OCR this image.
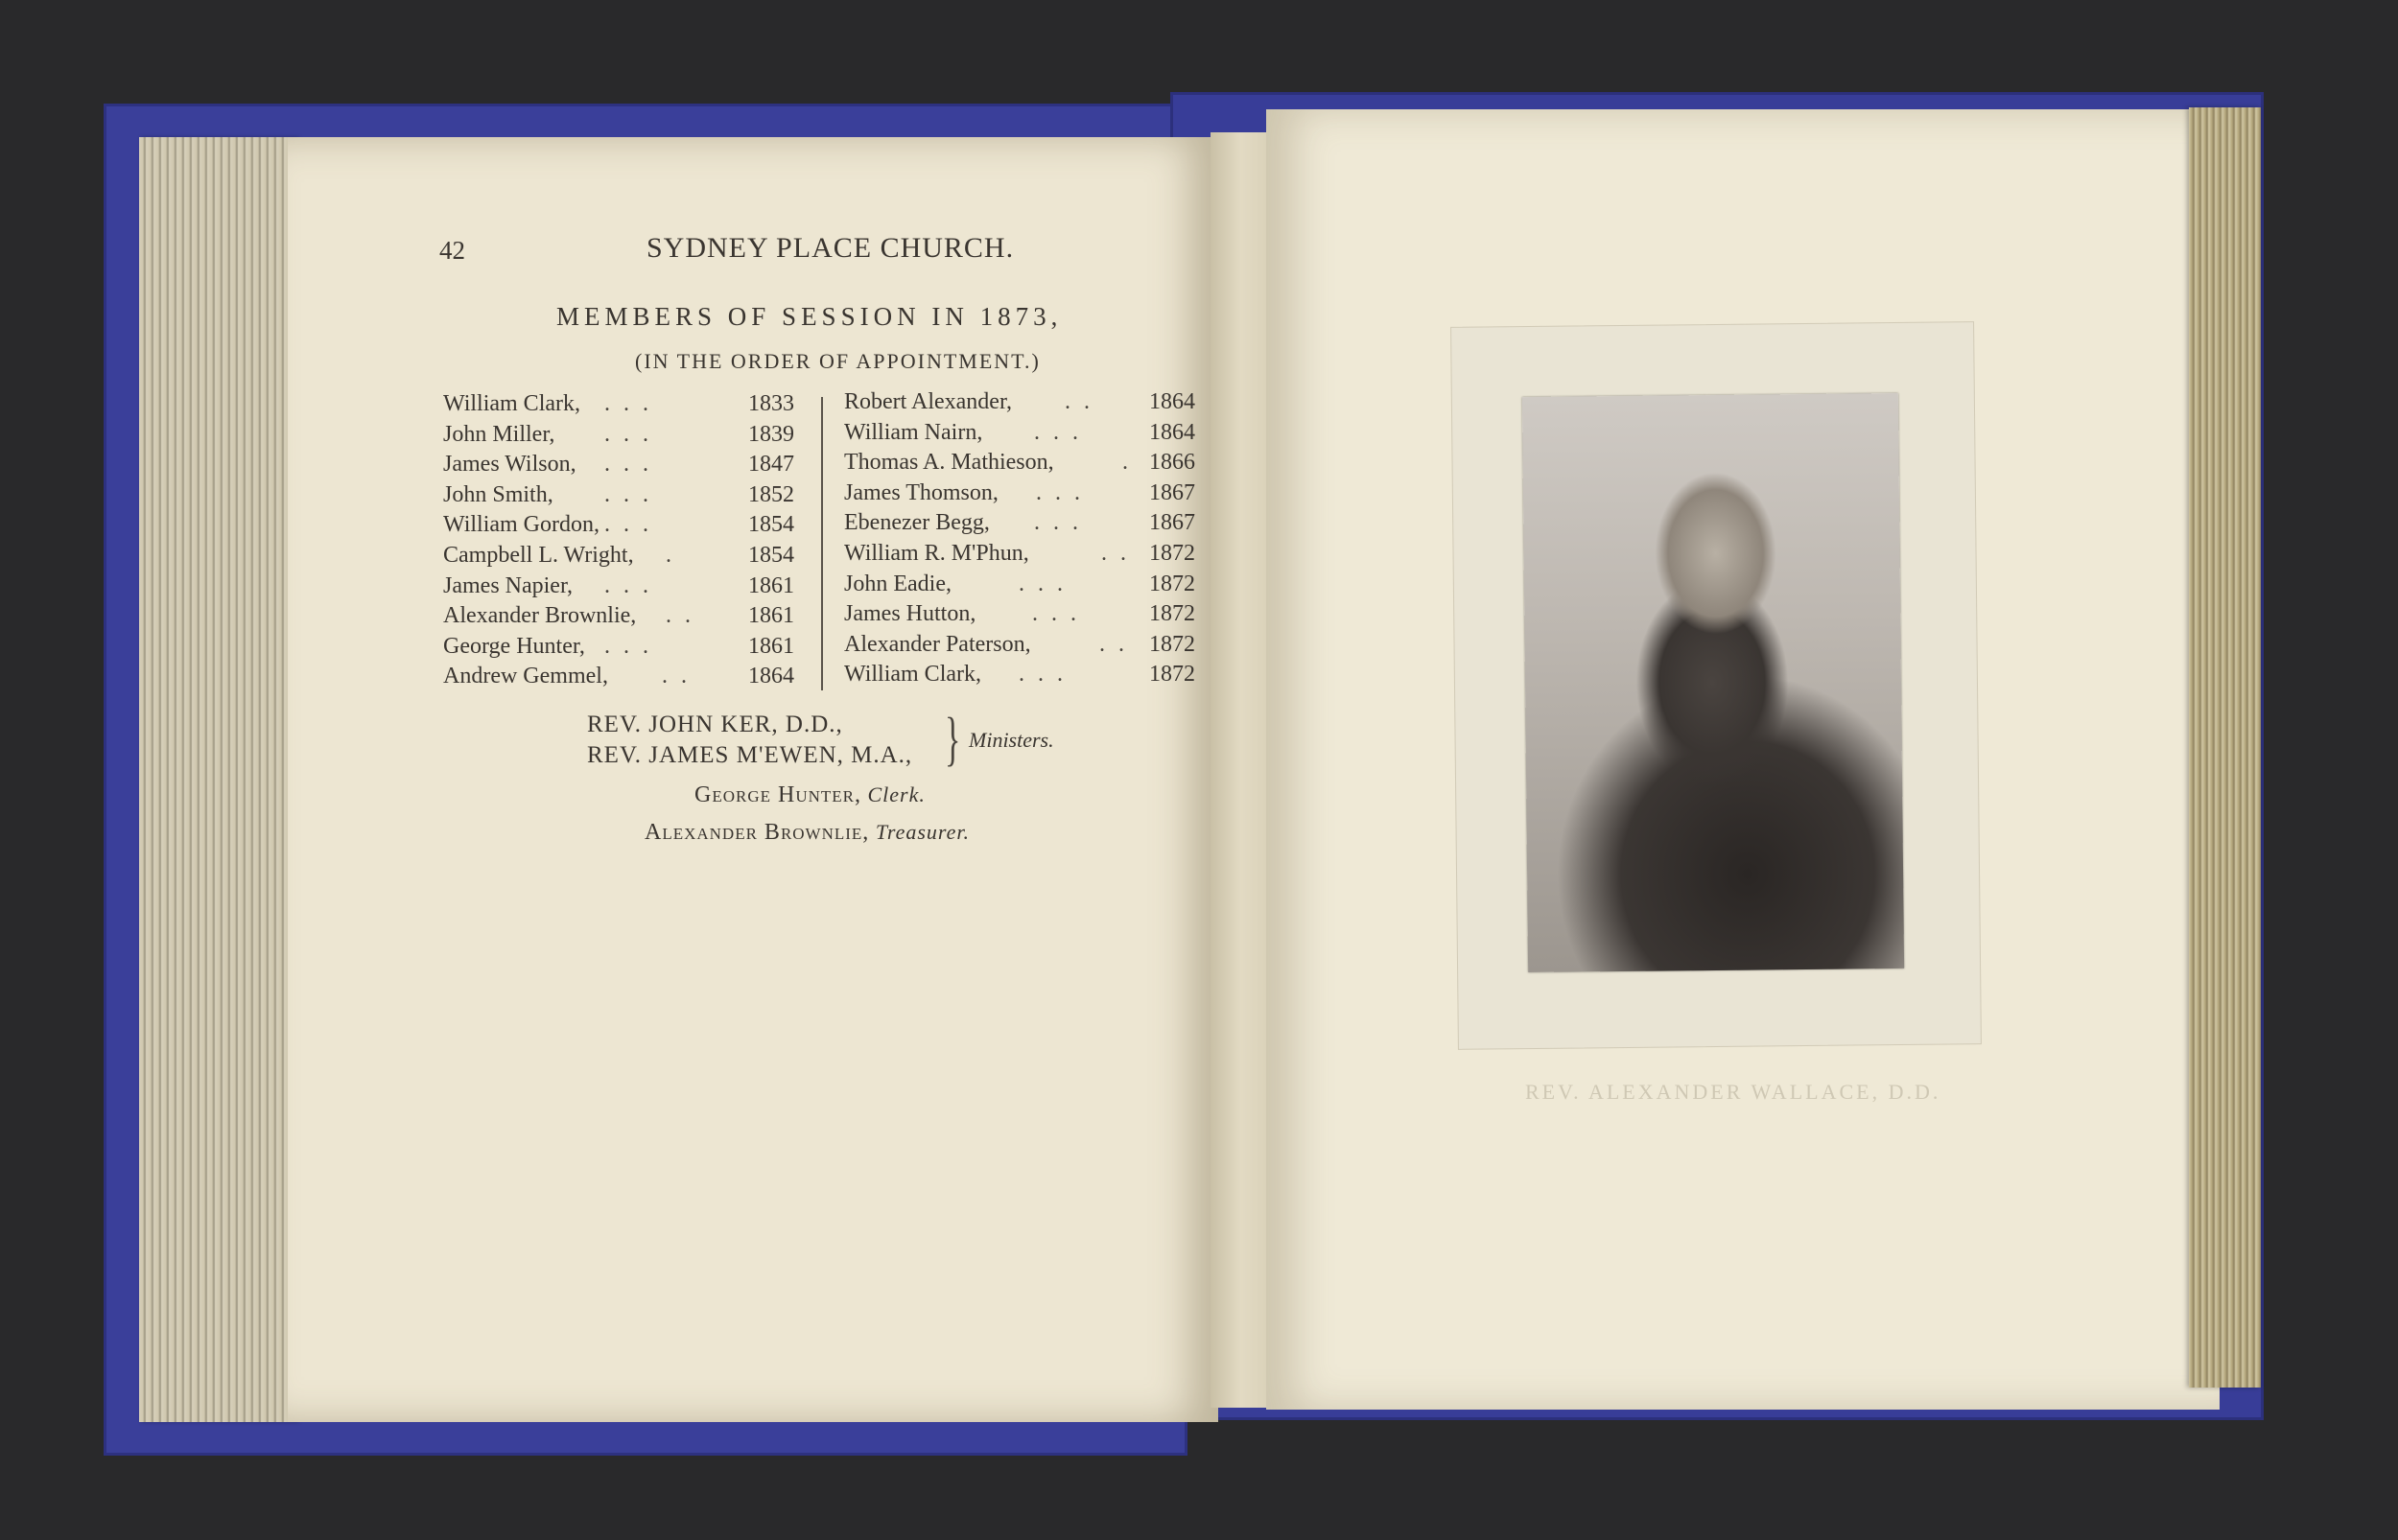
42	SYDNEY PLACE CHURCH.
MEMBERS OF SESSION IN 1873,
(IN THE ORDER OF APPOINTMENT.)
William Clark, ...	1833
John Miller, ...	1839
James Wilson, ...	1847
John Smith, ...	1852
William Gordon, ...	1854
Campbell L. Wright, .	1854
James Napier, ...	1861
Alexander Brownlie, .. 1861
George Hunter, ...	1861
Andrew Gemmel, .. 1864
Robert Alexander, .. 1864
William Nairn, ...	1864
Thomas A. Mathieson,	. 1866
James Thomson, ... 1867
Ebenezer Begg, ...	1867
William R. M'Phun,	.. 1872
John Eadie,	...	1872
James Hutton, ...	1872
Alexander Paterson,	.. 1872
William Clark, ...	1872
REV. JOHN KER, D.D.,
REV. JAMES M'EWEN, M.A., } Ministers.
George Hunter, Clerk.
Alexander Brownlie, Treasurer.
REV. ALEXANDER WALLACE, D.D.
